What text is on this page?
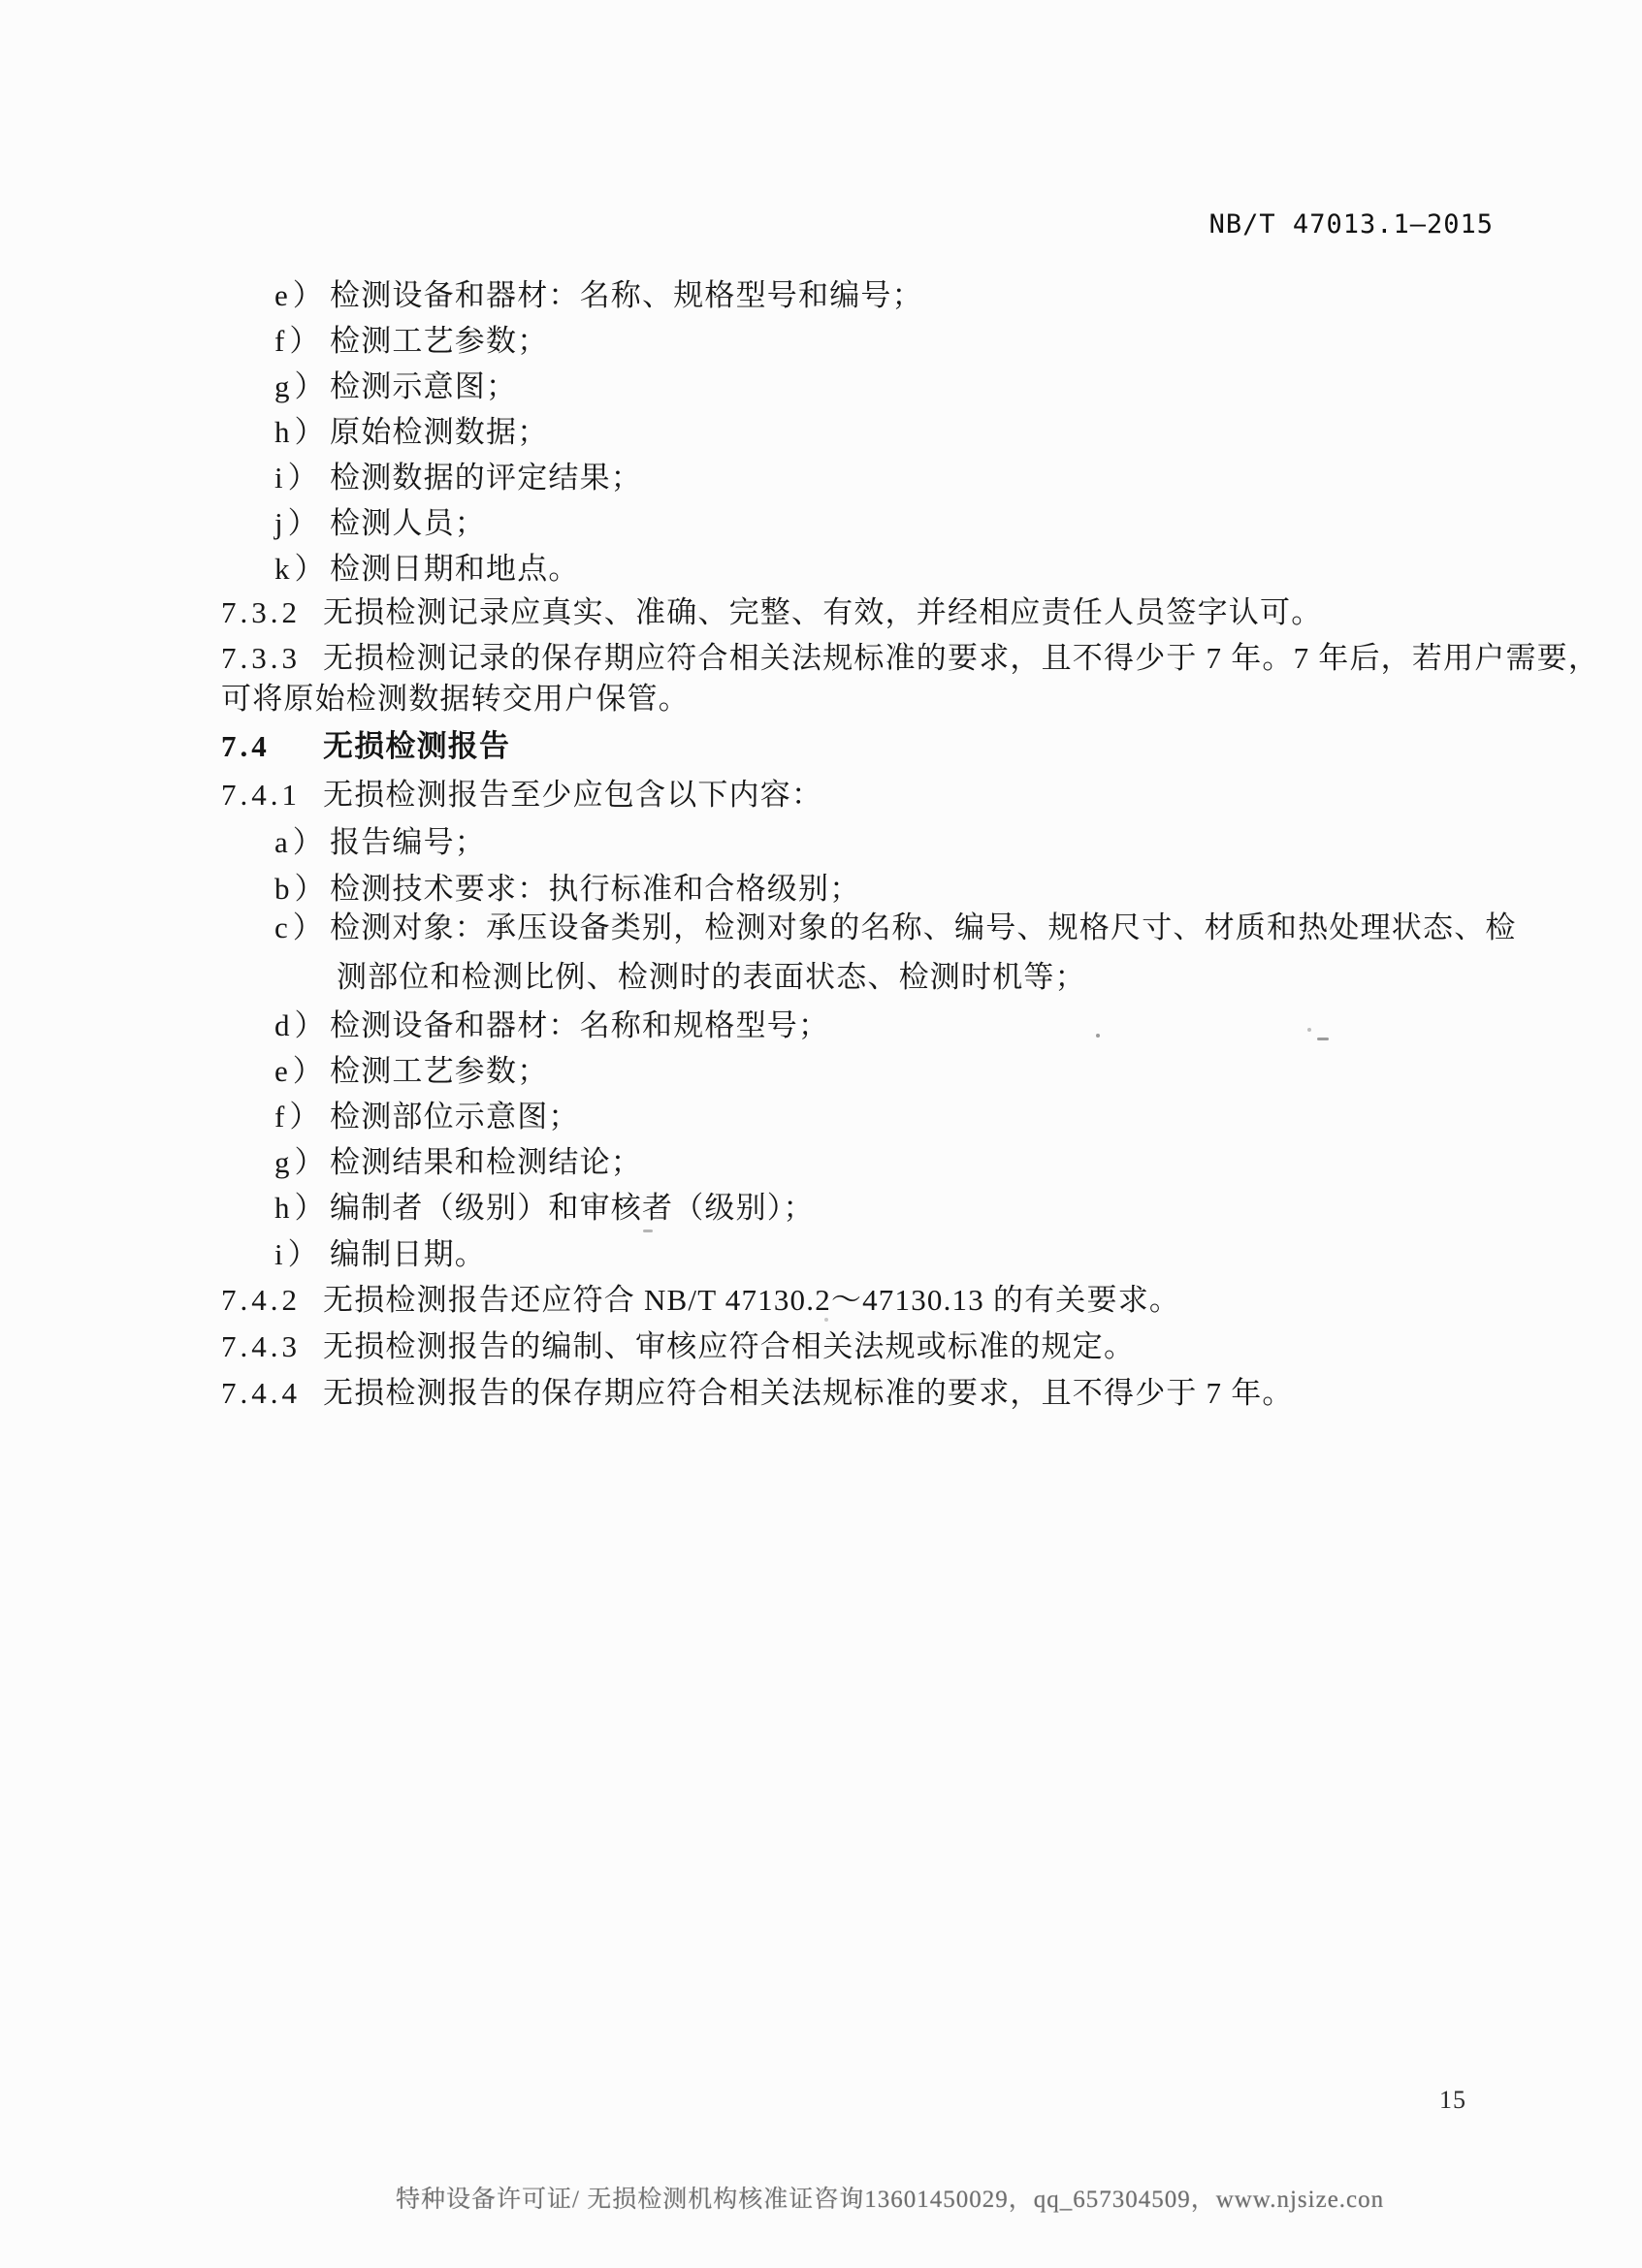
NB/T 47013.1—2015
e）检测设备和器材：名称、规格型号和编号；
f） 检测工艺参数；
g）检测示意图；
h）原始检测数据；
i） 检测数据的评定结果；
j） 检测人员；
k）检测日期和地点。
7.3.2 无损检测记录应真实、准确、完整、有效，并经相应责任人员签字认可。
7.3.3 无损检测记录的保存期应符合相关法规标准的要求，且不得少于 7 年。7 年后，若用户需要，
可将原始检测数据转交用户保管。
7.4 无损检测报告
7.4.1 无损检测报告至少应包含以下内容：
a）报告编号；
b）检测技术要求：执行标准和合格级别；
c）检测对象：承压设备类别，检测对象的名称、编号、规格尺寸、材质和热处理状态、检
测部位和检测比例、检测时的表面状态、检测时机等；
d）检测设备和器材：名称和规格型号；
e）检测工艺参数；
f） 检测部位示意图；
g）检测结果和检测结论；
h）编制者（级别）和审核者（级别）；
i） 编制日期。
7.4.2 无损检测报告还应符合 NB/T 47130.2～47130.13 的有关要求。
7.4.3 无损检测报告的编制、审核应符合相关法规或标准的规定。
7.4.4 无损检测报告的保存期应符合相关法规标准的要求，且不得少于 7 年。
15
特种设备许可证/ 无损检测机构核准证咨询13601450029，qq_657304509，www.njsize.con
